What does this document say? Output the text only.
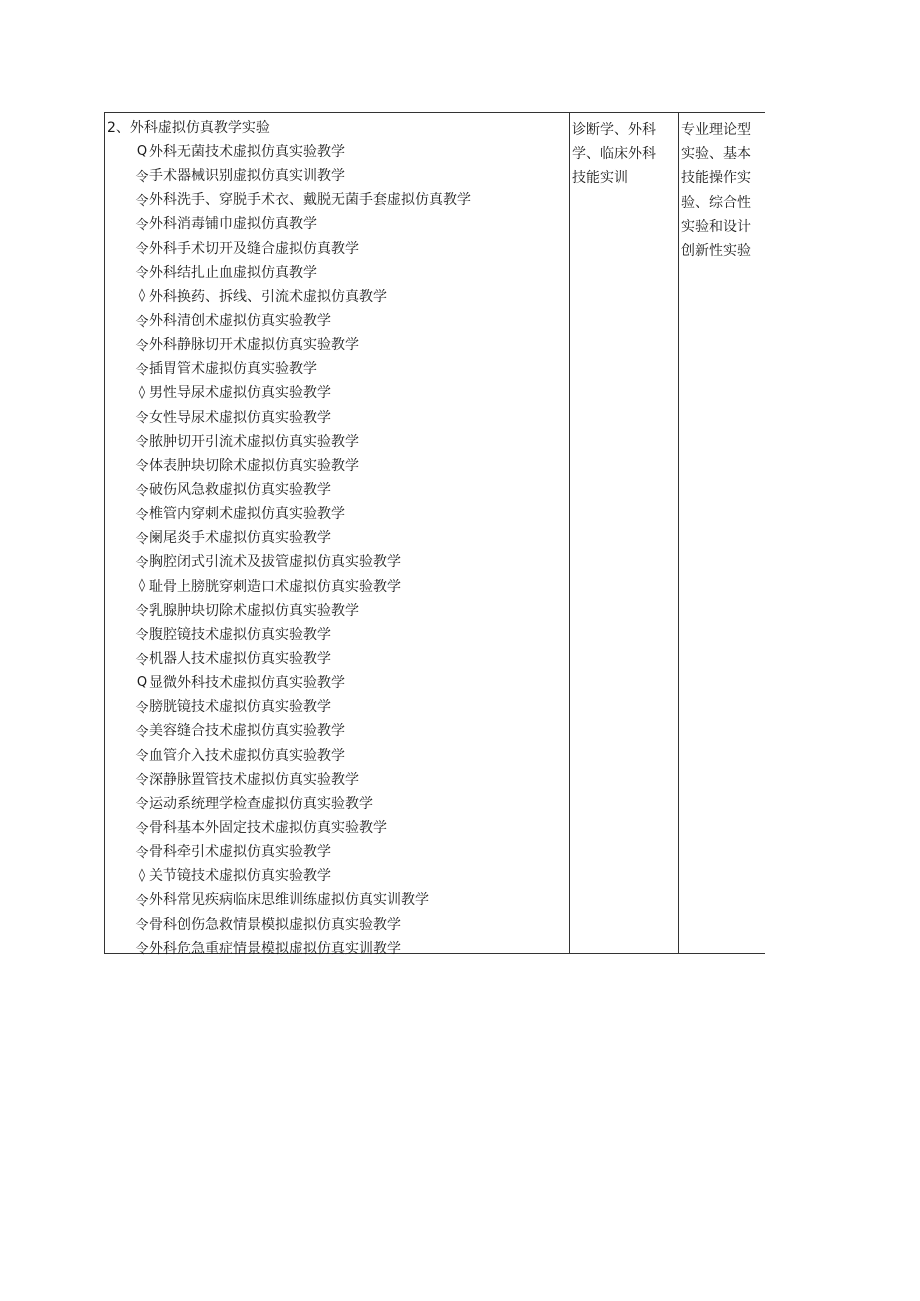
2、外科虚拟仿真教学实验
Q 外科无菌技术虚拟仿真实验教学
令 手术器械识别虚拟仿真实训教学
令 外科洗手、穿脱手术衣、戴脱无菌手套虚拟仿真教学
令 外科消毒铺巾虚拟仿真教学
令 外科手术切开及缝合虚拟仿真教学
令 外科结扎止血虚拟仿真教学
◊ 外科换药、拆线、引流术虚拟仿真教学
令 外科清创术虚拟仿真实验教学
令 外科静脉切开术虚拟仿真实验教学
令 插胃管术虚拟仿真实验教学
◊ 男性导尿术虚拟仿真实验教学
令 女性导尿术虚拟仿真实验教学
令 脓肿切开引流术虚拟仿真实验教学
令 体表肿块切除术虚拟仿真实验教学
令 破伤风急救虚拟仿真实验教学
令 椎管内穿刺术虚拟仿真实验教学
令 阑尾炎手术虚拟仿真实验教学
令 胸腔闭式引流术及拔管虚拟仿真实验教学
◊ 耻骨上膀胱穿刺造口术虚拟仿真实验教学
令 乳腺肿块切除术虚拟仿真实验教学
令 腹腔镜技术虚拟仿真实验教学
令 机器人技术虚拟仿真实验教学
Q 显微外科技术虚拟仿真实验教学
令 膀胱镜技术虚拟仿真实验教学
令 美容缝合技术虚拟仿真实验教学
令 血管介入技术虚拟仿真实验教学
令 深静脉置管技术虚拟仿真实验教学
令 运动系统理学检查虚拟仿真实验教学
令 骨科基本外固定技术虚拟仿真实验教学
令 骨科牵引术虚拟仿真实验教学
◊ 关节镜技术虚拟仿真实验教学
令 外科常见疾病临床思维训练虚拟仿真实训教学
令 骨科创伤急救情景模拟虚拟仿真实验教学
令 外科危急重症情景模拟虚拟仿真实训教学
诊断学、外科学、临床外科技能实训
专业理论型实验、基本技能操作实验、综合性实验和设计创新性实验
